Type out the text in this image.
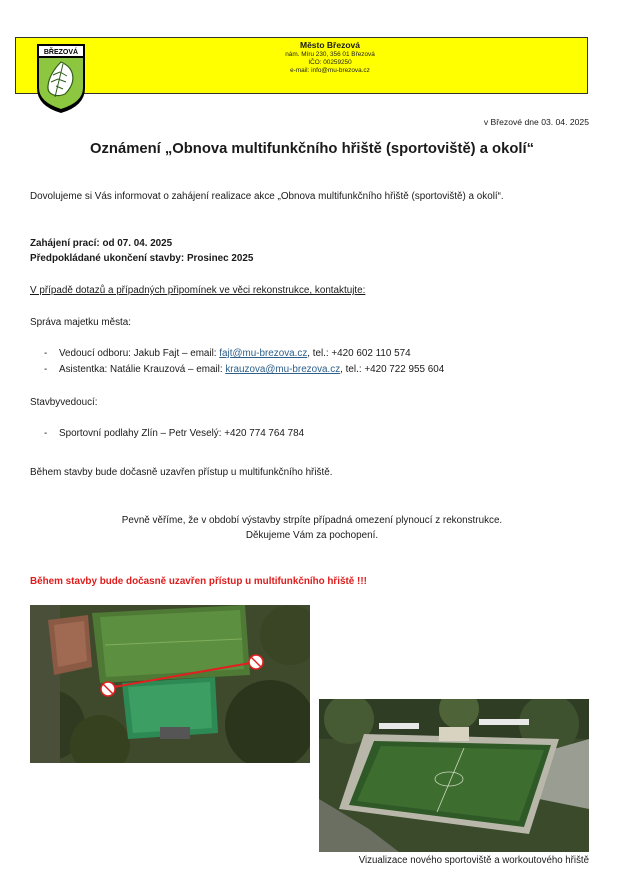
BŘEZOVÁ
Město Březová
nám. Míru 230, 356 01 Březová
IČO: 00259250
e-mail: info@mu-brezova.cz
v Březové dne 03. 04. 2025
Oznámení „Obnova multifunkčního hřiště (sportoviště) a okolí“
Dovolujeme si Vás informovat o zahájení realizace akce „Obnova multifunkčního hřiště (sportoviště) a okolí“.
Zahájení prací: od 07. 04. 2025
Předpokládané ukončení stavby: Prosinec 2025
V případě dotazů a případných připomínek ve věci rekonstrukce, kontaktujte:
Správa majetku města:
- Vedoucí odboru: Jakub Fajt – email: fajt@mu-brezova.cz, tel.: +420 602 110 574
- Asistentka: Natálie Krauzová – email: krauzova@mu-brezova.cz, tel.: +420 722 955 604
Stavbyvedoucí:
- Sportovní podlahy Zlín – Petr Veselý: +420 774 764 784
Během stavby bude dočasně uzavřen přístup u multifunkčního hřiště.
Pevně věříme, že v období výstavby strpíte případná omezení plynoucí z rekonstrukce.
Děkujeme Vám za pochopení.
Během stavby bude dočasně uzavřen přístup u multifunkčního hřiště !!!
Vizualizace nového sportoviště a workoutového hřiště
